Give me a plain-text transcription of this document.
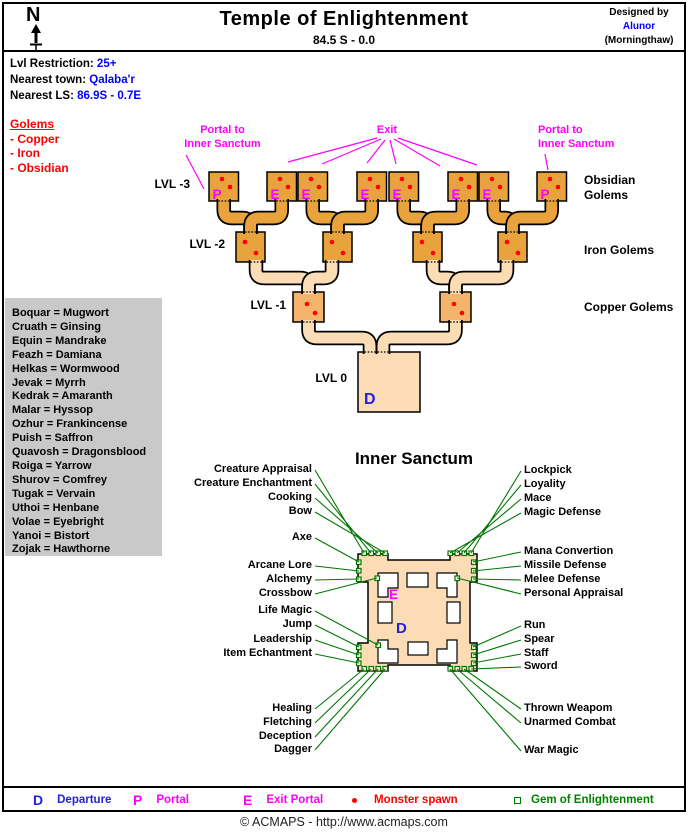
P	E E	E E	E E	P
D
E
D
N	Temple of Enlightenment
84.5 S - 0.0
Designed by
Alunor
(Morningthaw)
Lvl Restriction: 25+
Nearest town: Qalaba'r
Nearest LS: 86.9S - 0.7E
Golems
- Copper
- Iron
- Obsidian
Boquar = Mugwort
Cruath = Ginsing
Equin = Mandrake
Feazh = Damiana
Helkas = Wormwood
Jevak = Myrrh
Kedrak = Amaranth
Malar = Hyssop
Ozhur = Frankincense
Puish = Saffron
Quavosh = Dragonsblood
Roiga = Yarrow
Shurov = Comfrey
Tugak = Vervain
Uthoi = Henbane
Volae = Eyebright
Yanoi = Bistort
Zojak = Hawthorne
LVL -3
LVL -2
LVL -1
LVL 0
Obsidian Golems
Iron Golems
Copper Golems
Portal to
Inner Sanctum
Portal to
Inner Sanctum
Exit
Inner Sanctum
Creature Appraisal
Creature Enchantment
Cooking
Bow
Axe
Arcane Lore
Alchemy
Crossbow
Life Magic
Jump
Leadership
Item Echantment
Healing
Fletching
Deception
Dagger
Lockpick
Loyality
Mace
Magic Defense
Mana Convertion
Missile Defense
Melee Defense
Personal Appraisal
Run
Spear
Staff
Sword
Thrown Weapom
Unarmed Combat
War Magic
D Departure P Portal	E Exit Portal	Monster spawn	Gem of Enlightenment
© ACMAPS - http://www.acmaps.com
